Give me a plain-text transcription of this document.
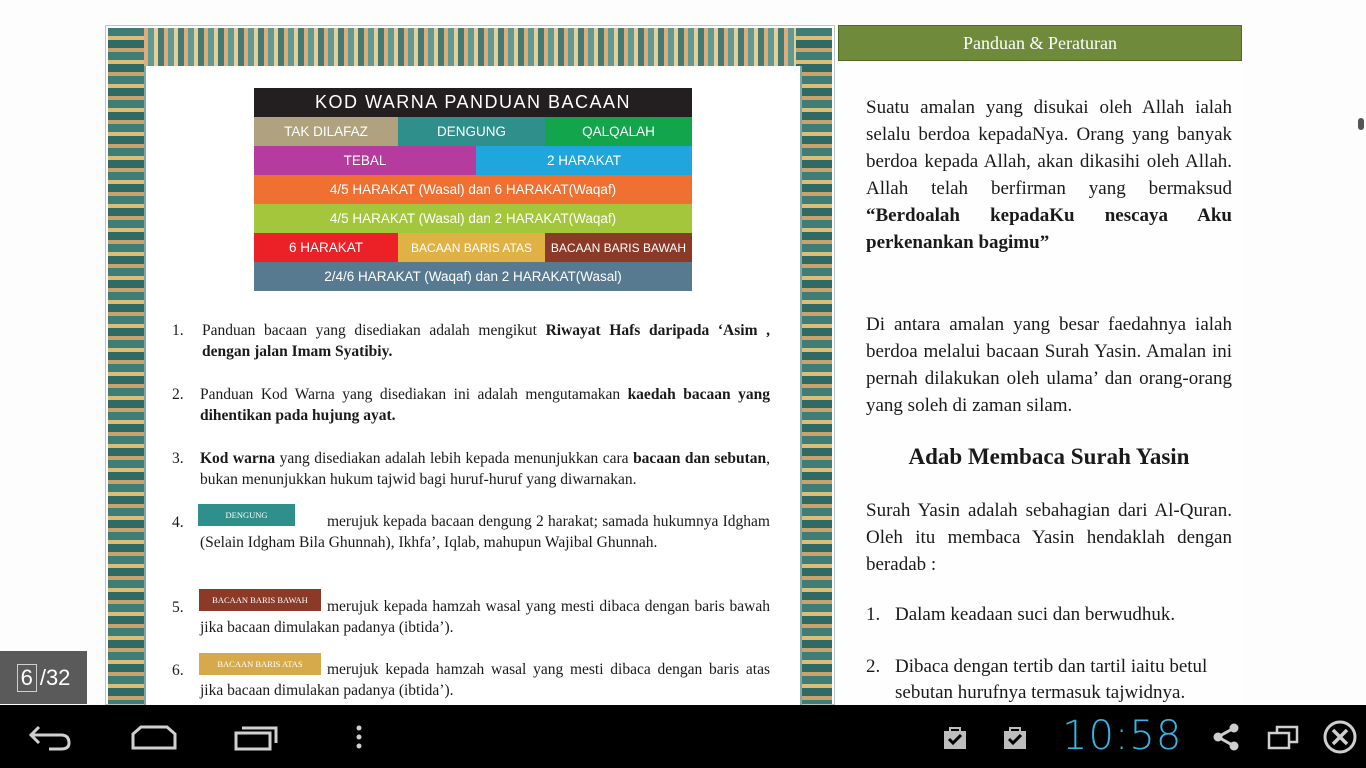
KOD WARNA PANDUAN BACAAN
TAK DILAFAZ	DENGUNG	QALQALAH
TEBAL	2 HARAKAT
4/5 HARAKAT (Wasal) dan 6 HARAKAT(Waqaf)
4/5 HARAKAT (Wasal) dan 2 HARAKAT(Waqaf)
6 HARAKAT	BACAAN BARIS ATAS	BACAAN BARIS BAWAH
2/4/6 HARAKAT (Waqaf) dan 2 HARAKAT(Wasal)
1. Panduan bacaan yang disediakan adalah mengikut Riwayat Hafs daripada ‘Asim , dengan jalan Imam Syatibiy.
2. Panduan Kod Warna yang disediakan ini adalah mengutamakan kaedah bacaan yang dihentikan pada hujung ayat.
3. Kod warna yang disediakan adalah lebih kepada menunjukkan cara bacaan dan sebutan, bukan menunjukkan hukum tajwid bagi huruf-huruf yang diwarnakan.
4.	merujuk kepada bacaan dengung 2 harakat; samada hukumnya Idgham (Selain Idgham Bila Ghunnah), Ikhfa’, Iqlab, mahupun Wajibal Ghunnah.
DENGUNG
5.	merujuk kepada hamzah wasal yang mesti dibaca dengan baris bawah jika bacaan dimulakan padanya (ibtida’).
BACAAN BARIS BAWAH
6.	merujuk kepada hamzah wasal yang mesti dibaca dengan baris atas jika bacaan dimulakan padanya (ibtida’).
BACAAN BARIS ATAS
Panduan & Peraturan
Suatu amalan yang disukai oleh Allah ialah selalu berdoa kepadaNya. Orang yang banyak berdoa kepada Allah, akan dikasihi oleh Allah. Allah telah berfirman yang bermaksud “Berdoalah kepadaKu nescaya Aku perkenankan bagimu”
Di antara amalan yang besar faedahnya ialah berdoa melalui bacaan Surah Yasin. Amalan ini pernah dilakukan oleh ulama’ dan orang-orang yang soleh di zaman silam.
Adab Membaca Surah Yasin
Surah Yasin adalah sebahagian dari Al-Quran. Oleh itu membaca Yasin hendaklah dengan beradab :
1. Dalam keadaan suci dan berwudhuk.
2. Dibaca dengan tertib dan tartil iaitu betul sebutan hurufnya termasuk tajwidnya.
6 /32
10:58
